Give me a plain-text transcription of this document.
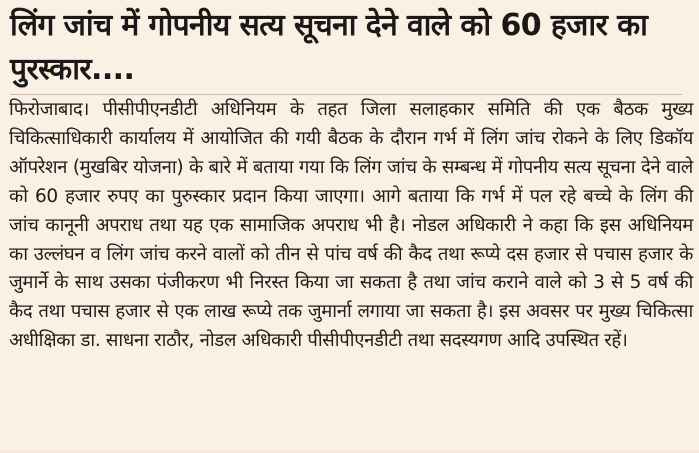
लिंग जांच में गोपनीय सत्य सूचना देने वाले को 60 हजार का पुरस्कार....

फिरोजाबाद। पीसीपीएनडीटी अधिनियम के तहत जिला सलाहकार समिति की एक बैठक मुख्य चिकित्साधिकारी कार्यालय में आयोजित की गयी बैठक के दौरान गर्भ में लिंग जांच रोकने के लिए डिकॉय ऑपरेशन (मुखबिर योजना) के बारे में बताया गया कि लिंग जांच के सम्बन्ध में गोपनीय सत्य सूचना देने वाले को 60 हजार रुपए का पुरुस्कार प्रदान किया जाएगा। आगे बताया कि गर्भ में पल रहे बच्चे के लिंग की जांच कानूनी अपराध तथा यह एक सामाजिक अपराध भी है। नोडल अधिकारी ने कहा कि इस अधिनियम का उल्लंघन व लिंग जांच करने वालों को तीन से पांच वर्ष की कैद तथा रूप्ये दस हजार से पचास हजार के जुमार्ने के साथ उसका पंजीकरण भी निरस्त किया जा सकता है तथा जांच कराने वाले को 3 से 5 वर्ष की कैद तथा पचास हजार से एक लाख रूप्ये तक जुमार्ना लगाया जा सकता है। इस अवसर पर मुख्य चिकित्सा अधीक्षिका डा. साधना राठौर, नोडल अधिकारी पीसीपीएनडीटी तथा सदस्यगण आदि उपस्थित रहें।
